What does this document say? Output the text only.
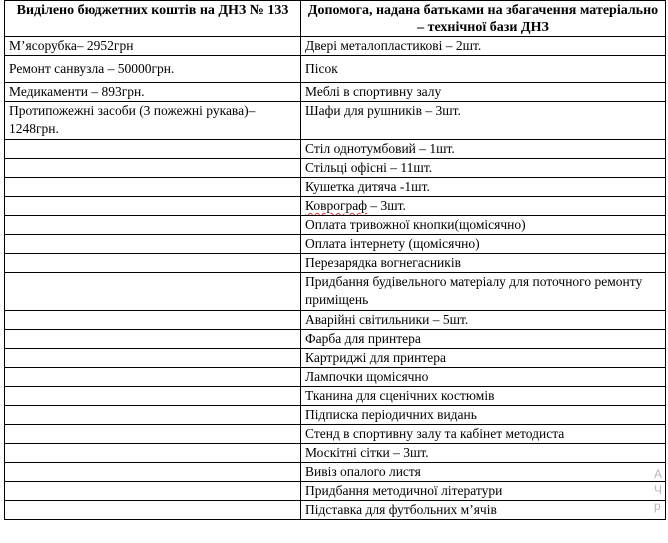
Виділено бюджетних коштів на ДНЗ № 133	Допомога, надана батьками на збагачення матеріально – технічної бази ДНЗ
М’ясорубка– 2952грн	Двері металопластикові – 2шт.
Ремонт санвузла – 50000грн.	Пісок
Медикаменти – 893грн.	Меблі в спортивну залу
Протипожежні засоби (3 пожежні рукава)– 1248грн.	Шафи для рушників – 3шт.
	Стіл однотумбовий – 1шт.
	Стільці офісні – 11шт.
	Кушетка дитяча -1шт.
	Коврограф – 3шт.
	Оплата тривожної кнопки(щомісячно)
	Оплата інтернету (щомісячно)
	Перезарядка вогнегасників
	Придбання будівельного матеріалу для поточного ремонту приміщень
	Аварійні світильники – 5шт.
	Фарба для принтера
	Картриджі для принтера
	Лампочки щомісячно
	Тканина для сценічних костюмів
	Підписка періодичних видань
	Стенд в спортивну залу та кабінет методиста
	Москітні сітки – 3шт.
	Вивіз опалого листя
	Придбання методичної літератури
	Підставка для футбольних м’ячів
А
Ч
р
